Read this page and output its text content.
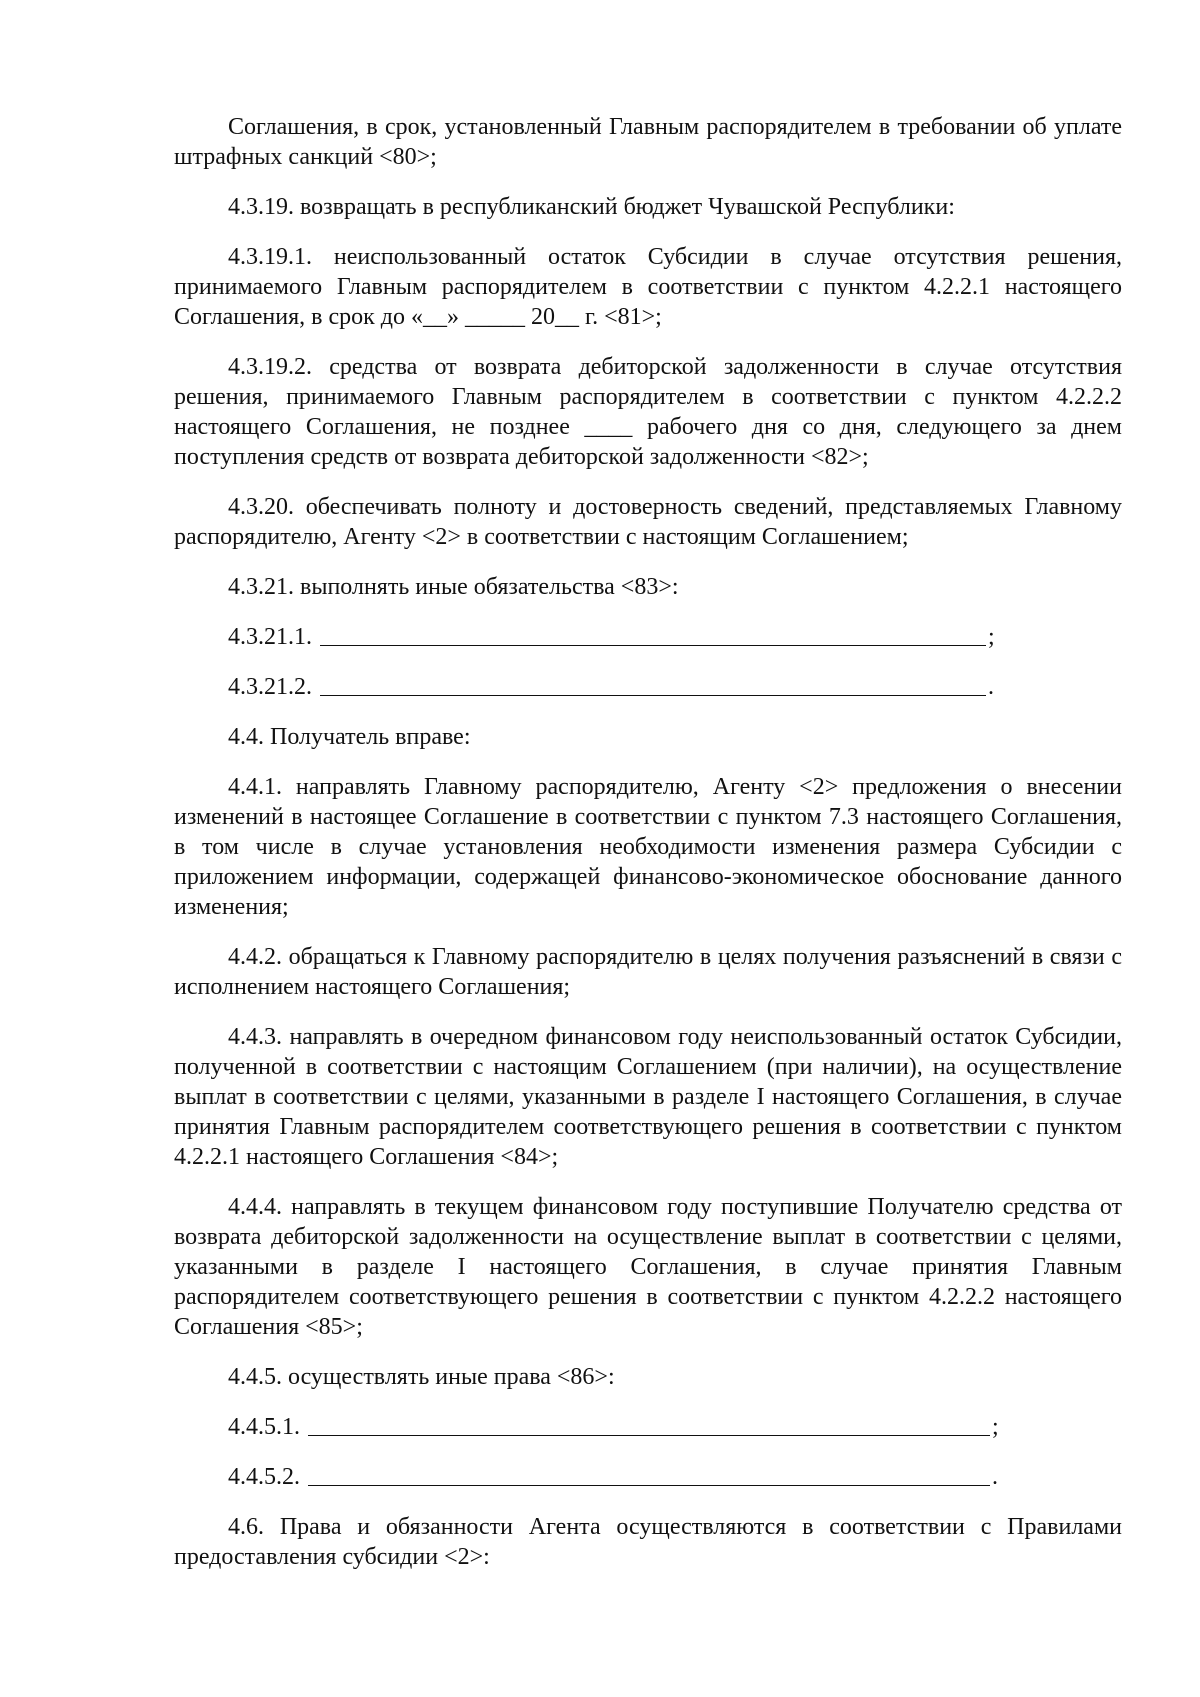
Соглашения, в срок, установленный Главным распорядителем в требовании об уплате штрафных санкций <80>;

4.3.19. возвращать в республиканский бюджет Чувашской Республики:

4.3.19.1. неиспользованный остаток Субсидии в случае отсутствия решения, принимаемого Главным распорядителем в соответствии с пунктом 4.2.2.1 настоящего Соглашения, в срок до «__» _____ 20__ г. <81>;

4.3.19.2. средства от возврата дебиторской задолженности в случае отсутствия решения, принимаемого Главным распорядителем в соответствии с пунктом 4.2.2.2 настоящего Соглашения, не позднее ____ рабочего дня со дня, следующего за днем поступления средств от возврата дебиторской задолженности <82>;

4.3.20. обеспечивать полноту и достоверность сведений, представляемых Главному распорядителю, Агенту <2> в соответствии с настоящим Соглашением;

4.3.21. выполнять иные обязательства <83>:

4.3.21.1.	;

4.3.21.2.	.

4.4. Получатель вправе:

4.4.1. направлять Главному распорядителю, Агенту <2> предложения о внесении изменений в настоящее Соглашение в соответствии с пунктом 7.3 настоящего Соглашения, в том числе в случае установления необходимости изменения размера Субсидии с приложением информации, содержащей финансово-экономическое обоснование данного изменения;

4.4.2. обращаться к Главному распорядителю в целях получения разъяснений в связи с исполнением настоящего Соглашения;

4.4.3. направлять в очередном финансовом году неиспользованный остаток Субсидии, полученной в соответствии с настоящим Соглашением (при наличии), на осуществление выплат в соответствии с целями, указанными в разделе I настоящего Соглашения, в случае принятия Главным распорядителем соответствующего решения в соответствии с пунктом 4.2.2.1 настоящего Соглашения <84>;

4.4.4. направлять в текущем финансовом году поступившие Получателю средства от возврата дебиторской задолженности на осуществление выплат в соответствии с целями, указанными в разделе I настоящего Соглашения, в случае принятия Главным распорядителем соответствующего решения в соответствии с пунктом 4.2.2.2 настоящего Соглашения <85>;

4.4.5. осуществлять иные права <86>:

4.4.5.1.	;

4.4.5.2.	.

4.6. Права и обязанности Агента осуществляются в соответствии с Правилами предоставления субсидии <2>:
